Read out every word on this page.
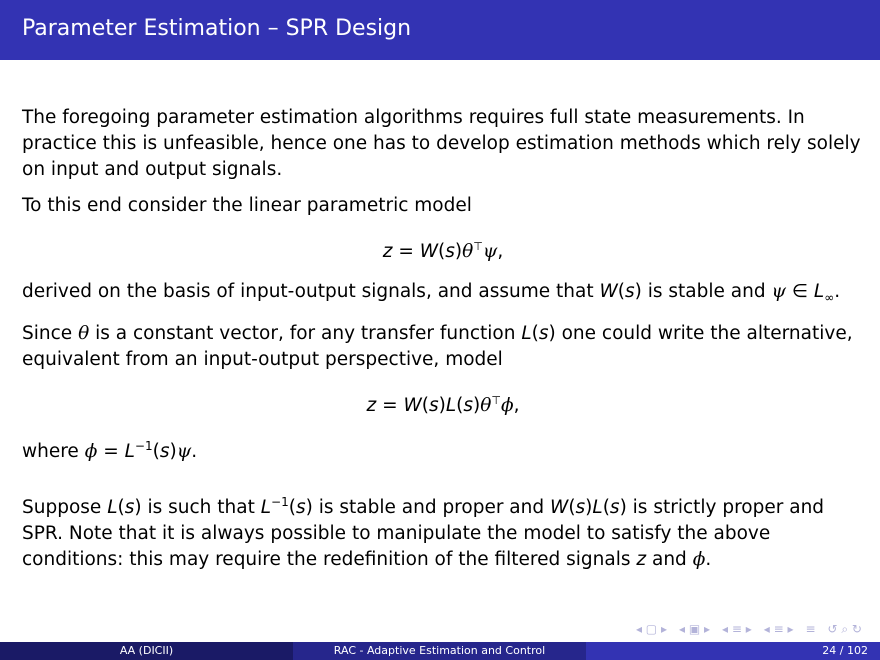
Parameter Estimation – SPR Design

The foregoing parameter estimation algorithms requires full state measurements. In practice this is unfeasible, hence one has to develop estimation methods which rely solely on input and output signals.

To this end consider the linear parametric model

z = W(s)θ⊤ψ,

derived on the basis of input-output signals, and assume that W(s) is stable and ψ ∈ $L_\infty$.

Since θ is a constant vector, for any transfer function L(s) one could write the alternative, equivalent from an input-output perspective, model

z = W(s)L(s)θ⊤ϕ,

where $\phi = L^{-1}(s)\psi$.

Suppose L(s) is such that $L^{-1}(s)$ is stable and proper and W(s)L(s) is strictly proper and SPR. Note that it is always possible to manipulate the model to satisfy the above conditions: this may require the redefinition of the filtered signals z and ϕ.

◂ ▢ ▸ ◂ ▣ ▸ ◂ ≡ ▸ ◂ ≡ ▸ ≡ ↺ ⌕ ↻
AA (DICII)	RAC - Adaptive Estimation and Control	24 / 102
